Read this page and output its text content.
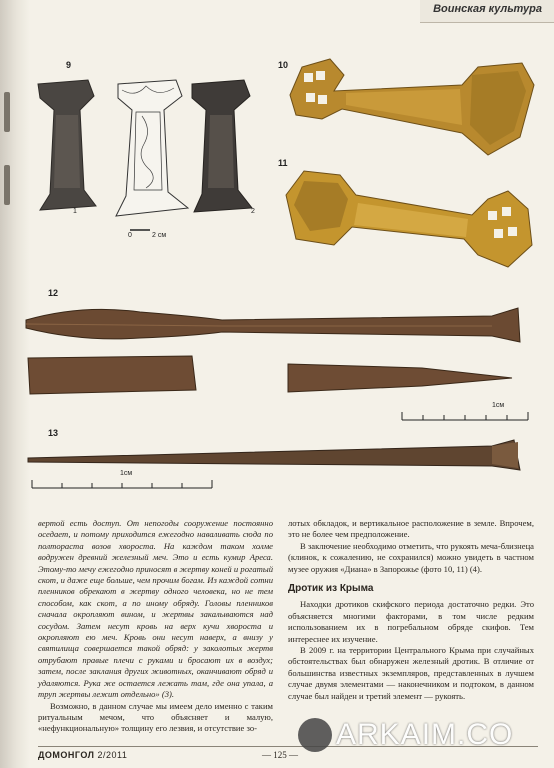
Воинская культура
9
1	2
0	2 см
10
11
12
1см
13
1см

вертой есть доступ. От непогоды сооружение постоянно оседает, и потому приходится ежегодно наваливать сюда по полтораста возов хвороста. На каждом таком холме водружен древний железный меч. Это и есть кумир Ареса. Этому-то мечу ежегодно приносят в жертву коней и рогатый скот, и даже еще больше, чем прочим богам. Из каждой сотни пленников обрекают в жертву одного человека, но не тем способом, как скот, а по иному обряду. Головы пленников сначала окропляют вином, и жертвы закалываются над сосудом. Затем несут кровь на верх кучи хвороста и окропляют ею меч. Кровь они несут наверх, а внизу у святилища совершается такой обряд: у заколотых жертв отрубают правые плечи с руками и бросают их в воздух; затем, после заклания других животных, оканчивают обряд и удаляются. Рука же остается лежать там, где она упала, а труп жертвы лежит отдельно» (3).

Возможно, в данном случае мы имеем дело именно с таким ритуальным мечом, что объясняет и малую, «нефункциональную» толщину его лезвия, и отсутствие зо-

лотых обкладок, и вертикальное расположение в земле. Впрочем, это не более чем предположение.

В заключение необходимо отметить, что рукоять меча-близнеца (клинок, к сожалению, не сохранился) можно увидеть в частном музее оружия «Диана» в Запорожье (фото 10, 11) (4).

Дротик из Крыма

Находки дротиков скифского периода достаточно редки. Это объясняется многими факторами, в том числе редким использованием их в погребальном обряде скифов. Тем интереснее их изучение.

В 2009 г. на территории Центрального Крыма при случайных обстоятельствах был обнаружен железный дротик. В отличие от большинства известных экземпляров, представленных в лучшем случае двумя элементами — наконечником и подтоком, в данном случае был найден и третий элемент — рукоять.

ДОМОНГОЛ 2/2011	— 125 —
ARKAIM.CO
